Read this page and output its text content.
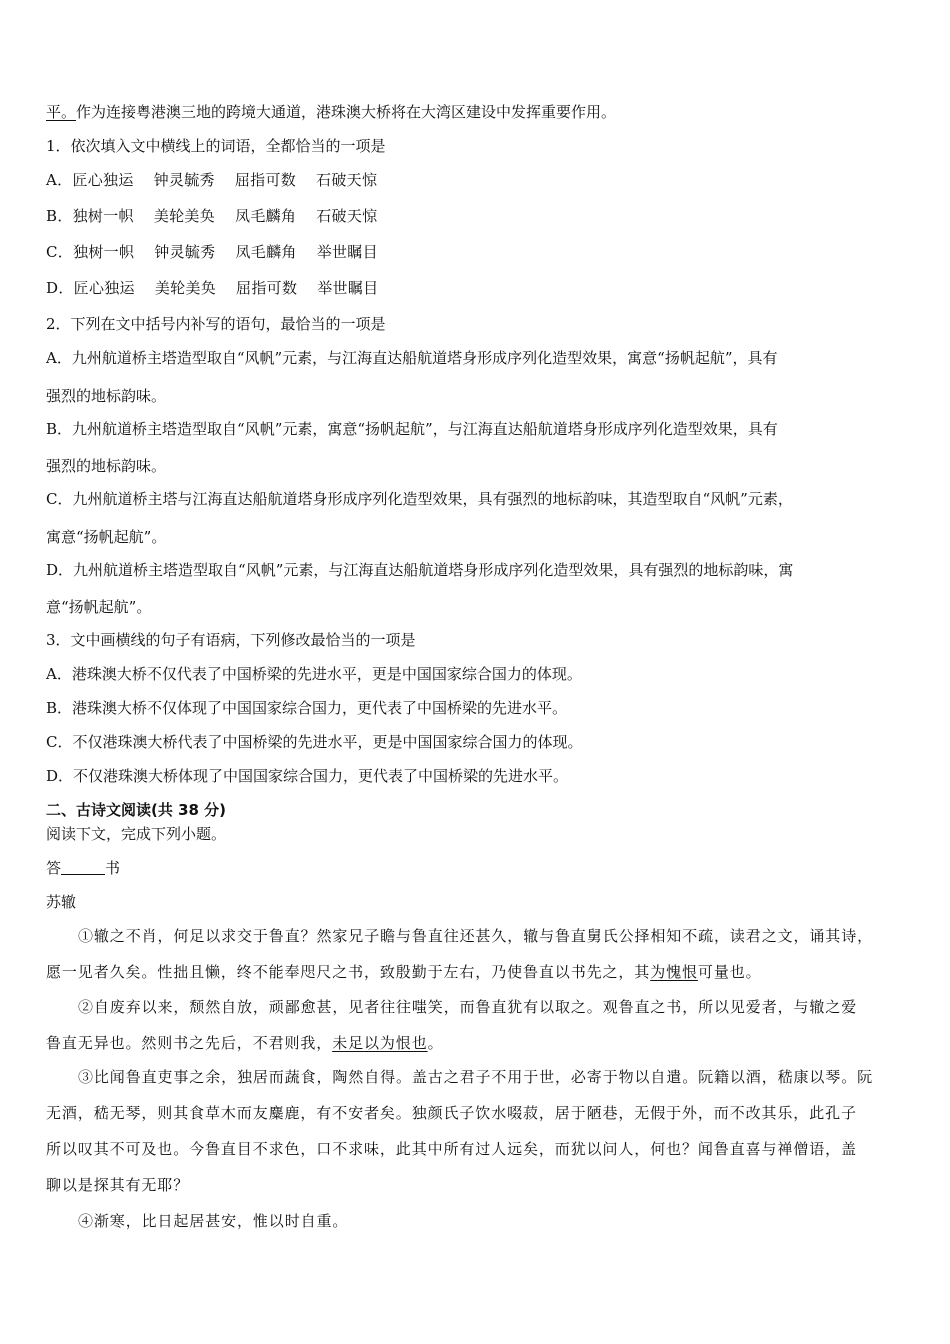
平。作为连接粤港澳三地的跨境大通道，港珠澳大桥将在大湾区建设中发挥重要作用。

1．依次填入文中横线上的词语，全都恰当的一项是

A．匠心独运 钟灵毓秀 屈指可数 石破天惊

B．独树一帜 美轮美奂 凤毛麟角 石破天惊

C．独树一帜 钟灵毓秀 凤毛麟角 举世瞩目

D．匠心独运 美轮美奂 屈指可数 举世瞩目

2．下列在文中括号内补写的语句，最恰当的一项是

A．九州航道桥主塔造型取自“风帆”元素，与江海直达船航道塔身形成序列化造型效果，寓意“扬帆起航”，具有

强烈的地标韵味。

B．九州航道桥主塔造型取自“风帆”元素，寓意“扬帆起航”，与江海直达船航道塔身形成序列化造型效果，具有

强烈的地标韵味。

C．九州航道桥主塔与江海直达船航道塔身形成序列化造型效果，具有强烈的地标韵味，其造型取自“风帆”元素，

寓意“扬帆起航”。

D．九州航道桥主塔造型取自“风帆”元素，与江海直达船航道塔身形成序列化造型效果，具有强烈的地标韵味，寓

意“扬帆起航”。

3．文中画横线的句子有语病，下列修改最恰当的一项是

A．港珠澳大桥不仅代表了中国桥梁的先进水平，更是中国国家综合国力的体现。

B．港珠澳大桥不仅体现了中国国家综合国力，更代表了中国桥梁的先进水平。

C．不仅港珠澳大桥代表了中国桥梁的先进水平，更是中国国家综合国力的体现。

D．不仅港珠澳大桥体现了中国国家综合国力，更代表了中国桥梁的先进水平。

二、古诗文阅读(共 38 分)

阅读下文，完成下列小题。

答	书

苏辙

①辙之不肖，何足以求交于鲁直？然家兄子瞻与鲁直往还甚久，辙与鲁直舅氏公择相知不疏，读君之文，诵其诗，

愿一见者久矣。性拙且懒，终不能奉咫尺之书，致殷勤于左右，乃使鲁直以书先之，其为愧恨可量也。

②自废弃以来，颓然自放，顽鄙愈甚，见者往往嗤笑，而鲁直犹有以取之。观鲁直之书，所以见爱者，与辙之爱

鲁直无异也。然则书之先后，不君则我，未足以为恨也。

③比闻鲁直吏事之余，独居而蔬食，陶然自得。盖古之君子不用于世，必寄于物以自遣。阮籍以酒，嵇康以琴。阮

无酒，嵇无琴，则其食草木而友麋鹿，有不安者矣。独颜氏子饮水啜菽，居于陋巷，无假于外，而不改其乐，此孔子

所以叹其不可及也。今鲁直目不求色，口不求味，此其中所有过人远矣，而犹以问人，何也？闻鲁直喜与禅僧语，盖

聊以是探其有无耶？

④渐寒，比日起居甚安，惟以时自重。
